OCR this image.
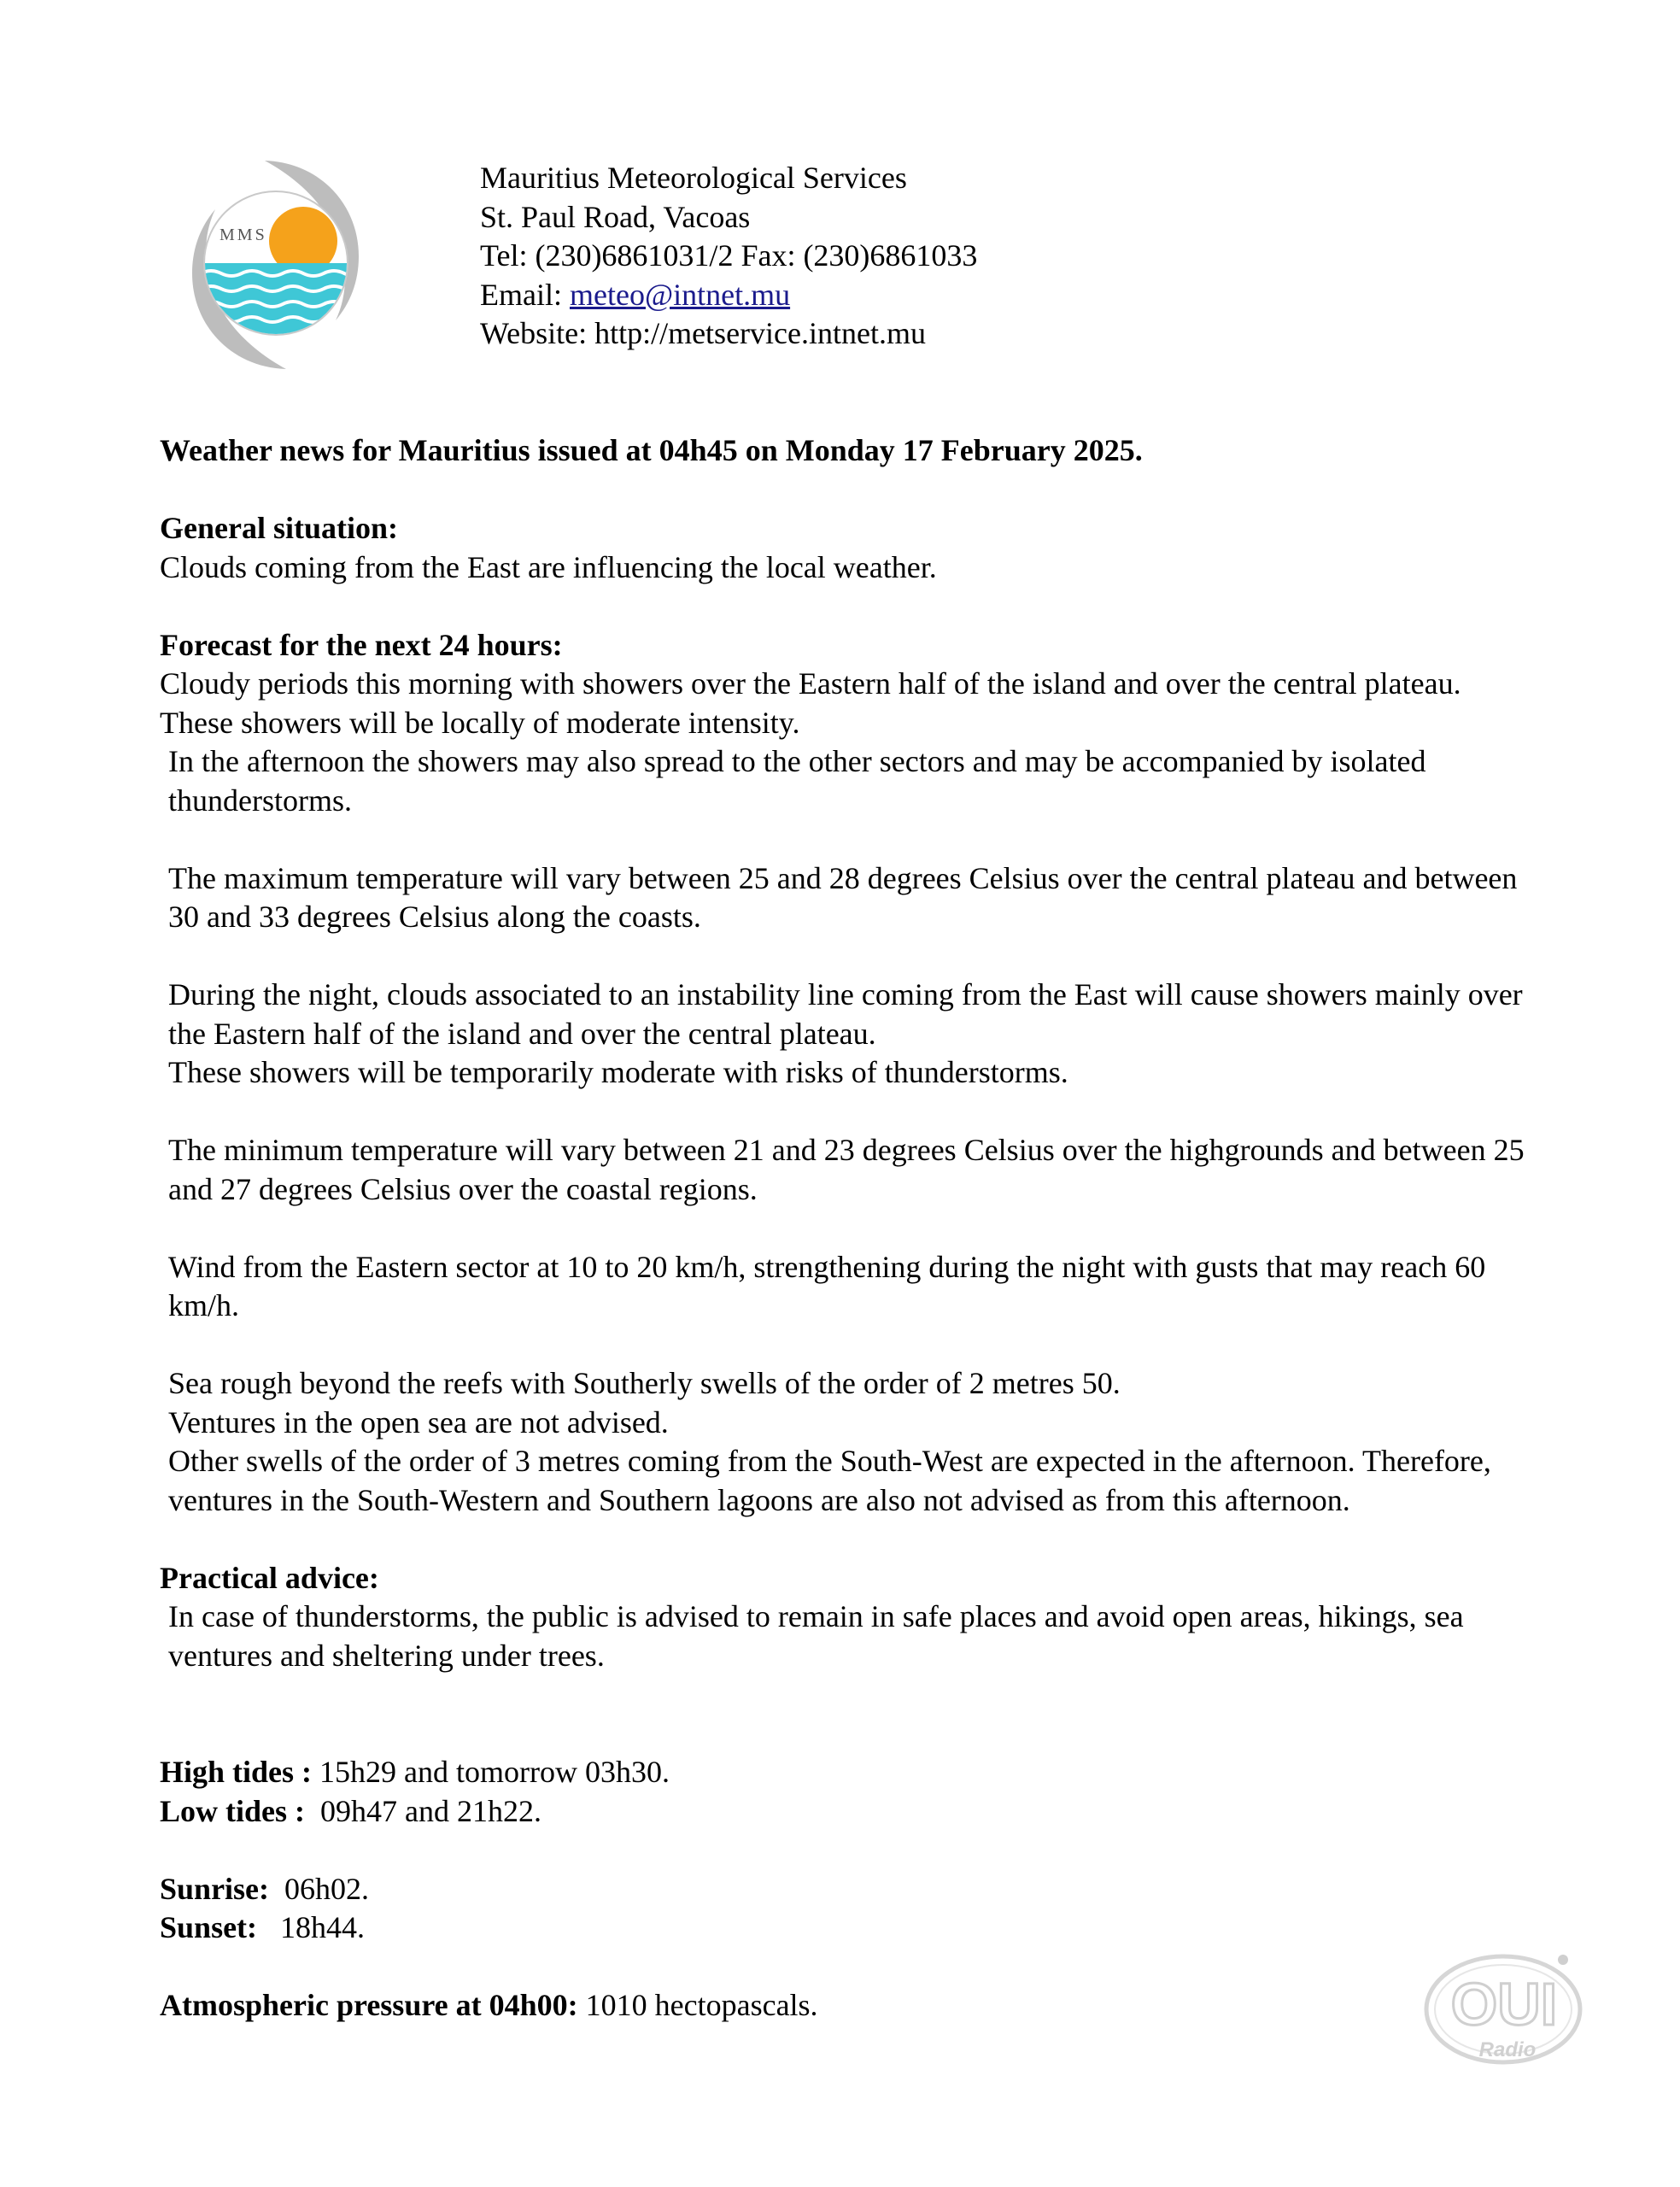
MMS
Mauritius Meteorological Services
St. Paul Road, Vacoas
Tel: (230)6861031/2 Fax: (230)6861033
Email: meteo@intnet.mu
Website: http://metservice.intnet.mu

Weather news for Mauritius issued at 04h45 on Monday 17 February 2025.

General situation:

Clouds coming from the East are influencing the local weather.

Forecast for the next 24 hours:

Cloudy periods this morning with showers over the Eastern half of the island and over the central plateau. These showers will be locally of moderate intensity.

In the afternoon the showers may also spread to the other sectors and may be accompanied by isolated thunderstorms.

The maximum temperature will vary between 25 and 28 degrees Celsius over the central plateau and between 30 and 33 degrees Celsius along the coasts.

During the night, clouds associated to an instability line coming from the East will cause showers mainly over the Eastern half of the island and over the central plateau.

These showers will be temporarily moderate with risks of thunderstorms.

The minimum temperature will vary between 21 and 23 degrees Celsius over the highgrounds and between 25 and 27 degrees Celsius over the coastal regions.

Wind from the Eastern sector at 10 to 20 km/h, strengthening during the night with gusts that may reach 60 km/h.

Sea rough beyond the reefs with Southerly swells of the order of 2 metres 50.

Ventures in the open sea are not advised.

Other swells of the order of 3 metres coming from the South-West are expected in the afternoon. Therefore, ventures in the South-Western and Southern lagoons are also not advised as from this afternoon.

Practical advice:

In case of thunderstorms, the public is advised to remain in safe places and avoid open areas, hikings, sea ventures and sheltering under trees.

High tides : 15h29 and tomorrow 03h30.

Low tides :  09h47 and 21h22.

Sunrise:  06h02.

Sunset:   18h44.

Atmospheric pressure at 04h00: 1010 hectopascals.	OUI
Radio
